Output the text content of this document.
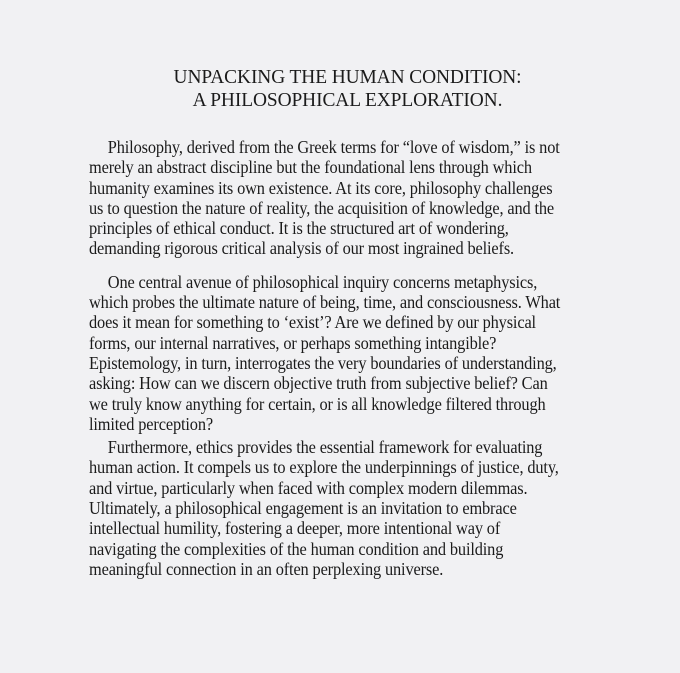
UNPACKING THE HUMAN CONDITION:
A PHILOSOPHICAL EXPLORATION.

Philosophy, derived from the Greek terms for “love of wisdom,” is not
merely an abstract discipline but the foundational lens through which
humanity examines its own existence. At its core, philosophy challenges
us to question the nature of reality, the acquisition of knowledge, and the
principles of ethical conduct. It is the structured art of wondering,
demanding rigorous critical analysis of our most ingrained beliefs.

One central avenue of philosophical inquiry concerns metaphysics,
which probes the ultimate nature of being, time, and consciousness. What
does it mean for something to ‘exist’? Are we defined by our physical
forms, our internal narratives, or perhaps something intangible?
Epistemology, in turn, interrogates the very boundaries of understanding,
asking: How can we discern objective truth from subjective belief? Can
we truly know anything for certain, or is all knowledge filtered through
limited perception?

Furthermore, ethics provides the essential framework for evaluating
human action. It compels us to explore the underpinnings of justice, duty,
and virtue, particularly when faced with complex modern dilemmas.
Ultimately, a philosophical engagement is an invitation to embrace
intellectual humility, fostering a deeper, more intentional way of
navigating the complexities of the human condition and building
meaningful connection in an often perplexing universe.
